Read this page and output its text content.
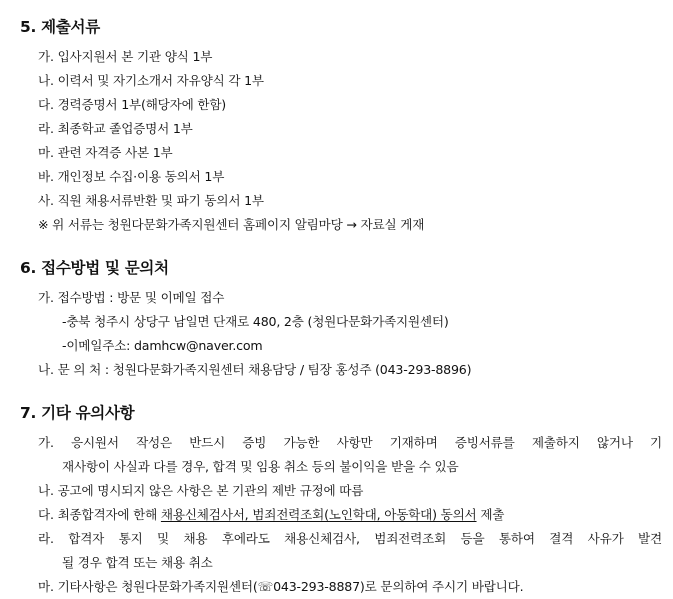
5. 제출서류
가. 입사지원서 본 기관 양식 1부
나. 이력서 및 자기소개서 자유양식 각 1부
다. 경력증명서 1부(해당자에 한함)
라. 최종학교 졸업증명서 1부
마. 관련 자격증 사본 1부
바. 개인정보 수집·이용 동의서 1부
사. 직원 채용서류반환 및 파기 동의서 1부
※ 위 서류는 청원다문화가족지원센터 홈페이지 알림마당 → 자료실 게재
6. 접수방법 및 문의처
가. 접수방법 : 방문 및 이메일 접수
-충북 청주시 상당구 남일면 단재로 480, 2층 (청원다문화가족지원센터)
-이메일주소: damhcw@naver.com
나. 문 의 처 : 청원다문화가족지원센터 채용담당 / 팀장 홍성주 (043-293-8896)
7. 기타 유의사항
가. 응시원서 작성은 반드시 증빙 가능한 사항만 기재하며 증빙서류를 제출하지 않거나 기
재사항이 사실과 다를 경우, 합격 및 임용 취소 등의 불이익을 받을 수 있음
나. 공고에 명시되지 않은 사항은 본 기관의 제반 규정에 따름
다. 최종합격자에 한해 채용신체검사서, 범죄전력조회(노인학대, 아동학대) 동의서 제출
라. 합격자 통지 및 채용 후에라도 채용신체검사, 범죄전력조회 등을 통하여 결격 사유가 발견
될 경우 합격 또는 채용 취소
마. 기타사항은 청원다문화가족지원센터(☏043-293-8887)로 문의하여 주시기 바랍니다.
